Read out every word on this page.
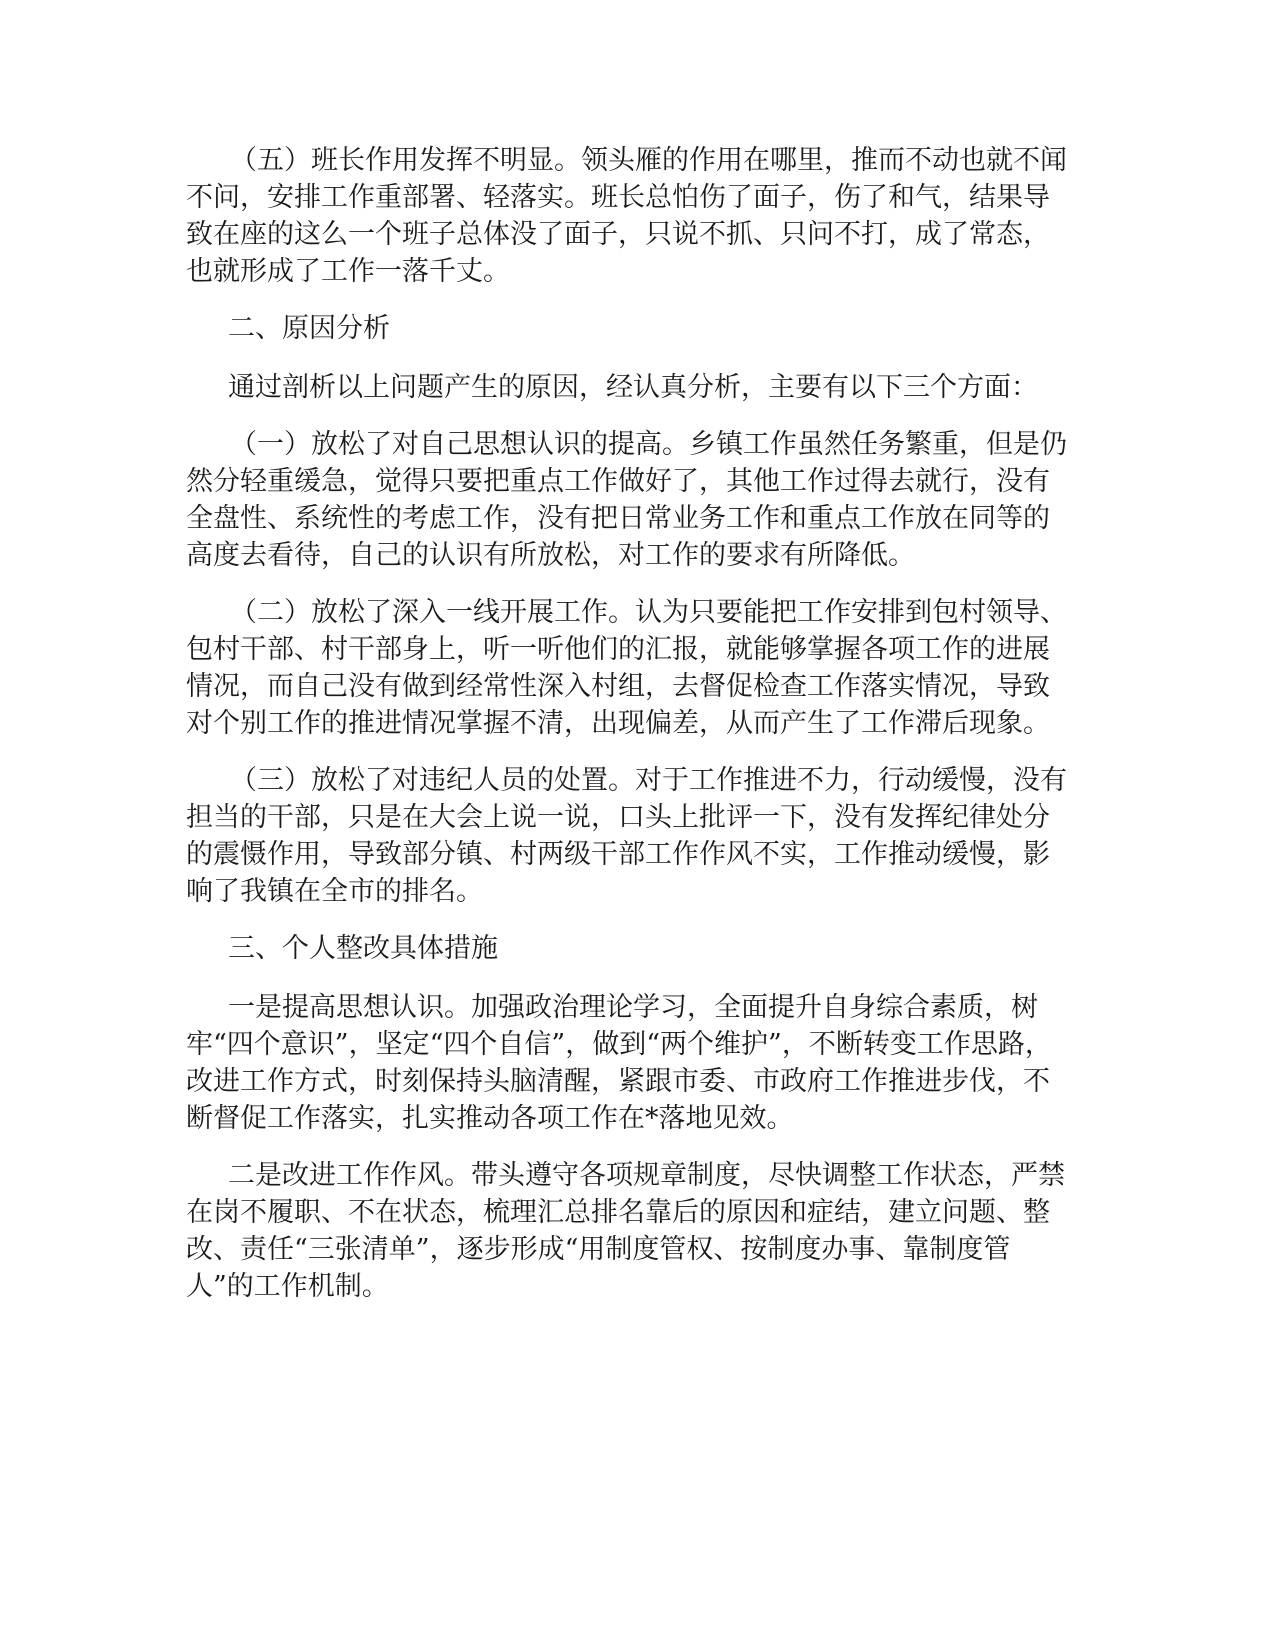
（五）班长作用发挥不明显。领头雁的作用在哪里，推而不动也就不闻不问，安排工作重部署、轻落实。班长总怕伤了面子，伤了和气，结果导致在座的这么一个班子总体没了面子，只说不抓、只问不打，成了常态，也就形成了工作一落千丈。

二、原因分析

通过剖析以上问题产生的原因，经认真分析，主要有以下三个方面：

（一）放松了对自己思想认识的提高。乡镇工作虽然任务繁重，但是仍然分轻重缓急，觉得只要把重点工作做好了，其他工作过得去就行，没有全盘性、系统性的考虑工作，没有把日常业务工作和重点工作放在同等的高度去看待，自己的认识有所放松，对工作的要求有所降低。

（二）放松了深入一线开展工作。认为只要能把工作安排到包村领导、包村干部、村干部身上，听一听他们的汇报，就能够掌握各项工作的进展情况，而自己没有做到经常性深入村组，去督促检查工作落实情况，导致对个别工作的推进情况掌握不清，出现偏差，从而产生了工作滞后现象。

（三）放松了对违纪人员的处置。对于工作推进不力，行动缓慢，没有担当的干部，只是在大会上说一说，口头上批评一下，没有发挥纪律处分的震慑作用，导致部分镇、村两级干部工作作风不实，工作推动缓慢，影响了我镇在全市的排名。

三、个人整改具体措施

一是提高思想认识。加强政治理论学习，全面提升自身综合素质，树牢“四个意识”，坚定“四个自信”，做到“两个维护”，不断转变工作思路，改进工作方式，时刻保持头脑清醒，紧跟市委、市政府工作推进步伐，不断督促工作落实，扎实推动各项工作在*落地见效。

二是改进工作作风。带头遵守各项规章制度，尽快调整工作状态，严禁在岗不履职、不在状态，梳理汇总排名靠后的原因和症结，建立问题、整改、责任“三张清单”，逐步形成“用制度管权、按制度办事、靠制度管人”的工作机制。
